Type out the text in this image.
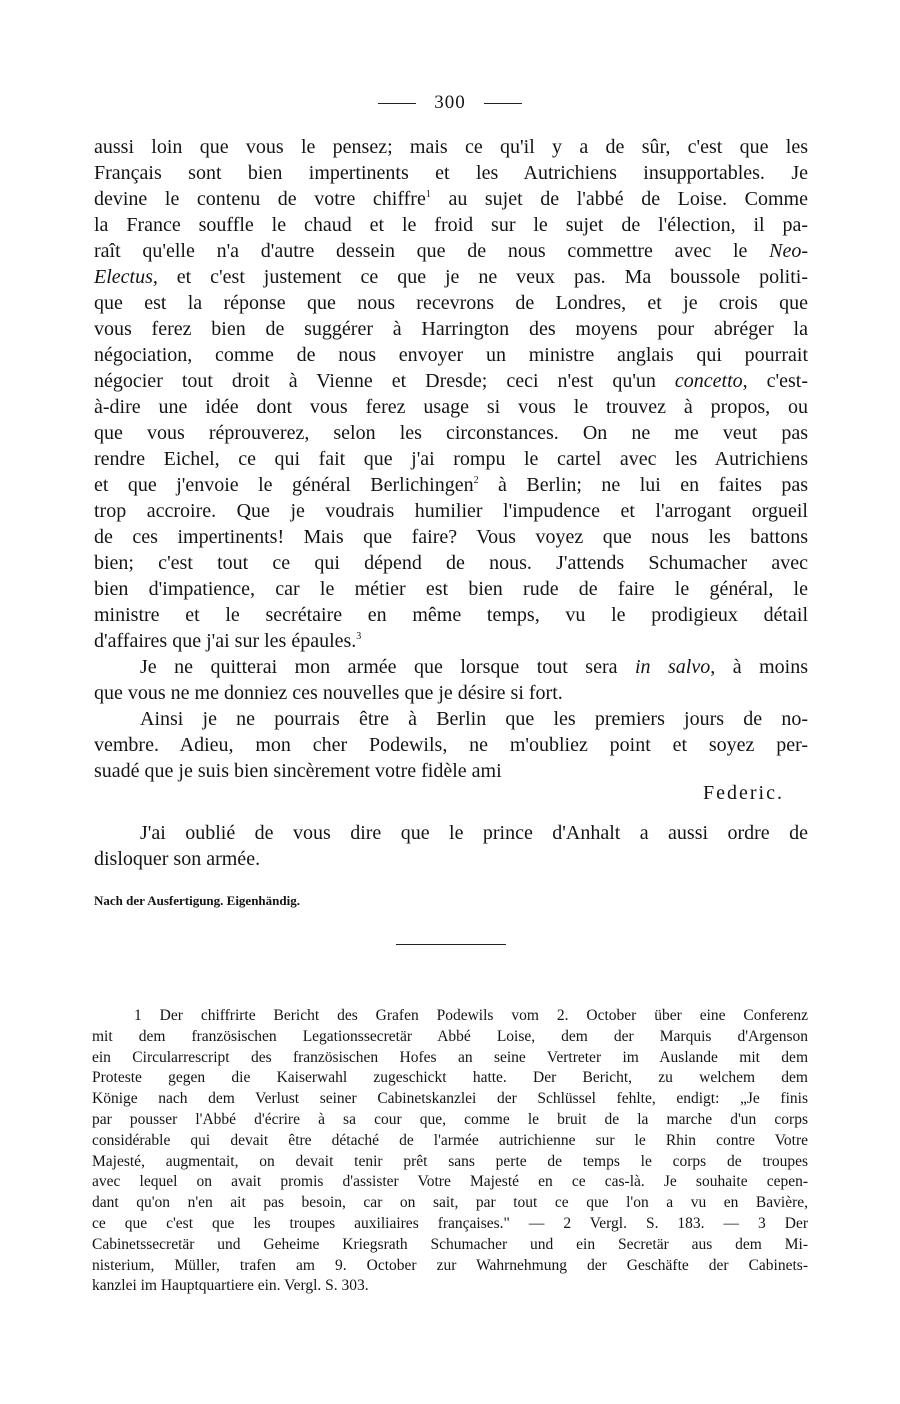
300
aussi loin que vous le pensez; mais ce qu'il y a de sûr, c'est que les
Français sont bien impertinents et les Autrichiens insupportables. Je
devine le contenu de votre chiffre$^1$ au sujet de l'abbé de Loise. Comme
la France souffle le chaud et le froid sur le sujet de l'élection, il pa-
raît qu'elle n'a d'autre dessein que de nous commettre avec le Neo-
Electus, et c'est justement ce que je ne veux pas. Ma boussole politi-
que est la réponse que nous recevrons de Londres, et je crois que
vous ferez bien de suggérer à Harrington des moyens pour abréger la
négociation, comme de nous envoyer un ministre anglais qui pourrait
négocier tout droit à Vienne et Dresde; ceci n'est qu'un concetto, c'est-
à-dire une idée dont vous ferez usage si vous le trouvez à propos, ou
que vous réprouverez, selon les circonstances. On ne me veut pas
rendre Eichel, ce qui fait que j'ai rompu le cartel avec les Autrichiens
et que j'envoie le général Berlichingen$^2$ à Berlin; ne lui en faites pas
trop accroire. Que je voudrais humilier l'impudence et l'arrogant orgueil
de ces impertinents! Mais que faire? Vous voyez que nous les battons
bien; c'est tout ce qui dépend de nous. J'attends Schumacher avec
bien d'impatience, car le métier est bien rude de faire le général, le
ministre et le secrétaire en même temps, vu le prodigieux détail
d'affaires que j'ai sur les épaules.$^3$
Je ne quitterai mon armée que lorsque tout sera in salvo, à moins
que vous ne me donniez ces nouvelles que je désire si fort.
Ainsi je ne pourrais être à Berlin que les premiers jours de no-
vembre. Adieu, mon cher Podewils, ne m'oubliez point et soyez per-
suadé que je suis bien sincèrement votre fidèle ami
Federic.
J'ai oublié de vous dire que le prince d'Anhalt a aussi ordre de
disloquer son armée.
Nach der Ausfertigung. Eigenhändig.
1 Der chiffrirte Bericht des Grafen Podewils vom 2. October über eine Conferenz
mit dem französischen Legationssecretär Abbé Loise, dem der Marquis d'Argenson
ein Circularrescript des französischen Hofes an seine Vertreter im Auslande mit dem
Proteste gegen die Kaiserwahl zugeschickt hatte. Der Bericht, zu welchem dem
Könige nach dem Verlust seiner Cabinetskanzlei der Schlüssel fehlte, endigt: „Je finis
par pousser l'Abbé d'écrire à sa cour que, comme le bruit de la marche d'un corps
considérable qui devait être détaché de l'armée autrichienne sur le Rhin contre Votre
Majesté, augmentait, on devait tenir prêt sans perte de temps le corps de troupes
avec lequel on avait promis d'assister Votre Majesté en ce cas-là. Je souhaite cepen-
dant qu'on n'en ait pas besoin, car on sait, par tout ce que l'on a vu en Bavière,
ce que c'est que les troupes auxiliaires françaises." — 2 Vergl. S. 183. — 3 Der
Cabinetssecretär und Geheime Kriegsrath Schumacher und ein Secretär aus dem Mi-
nisterium, Müller, trafen am 9. October zur Wahrnehmung der Geschäfte der Cabinets-
kanzlei im Hauptquartiere ein. Vergl. S. 303.
